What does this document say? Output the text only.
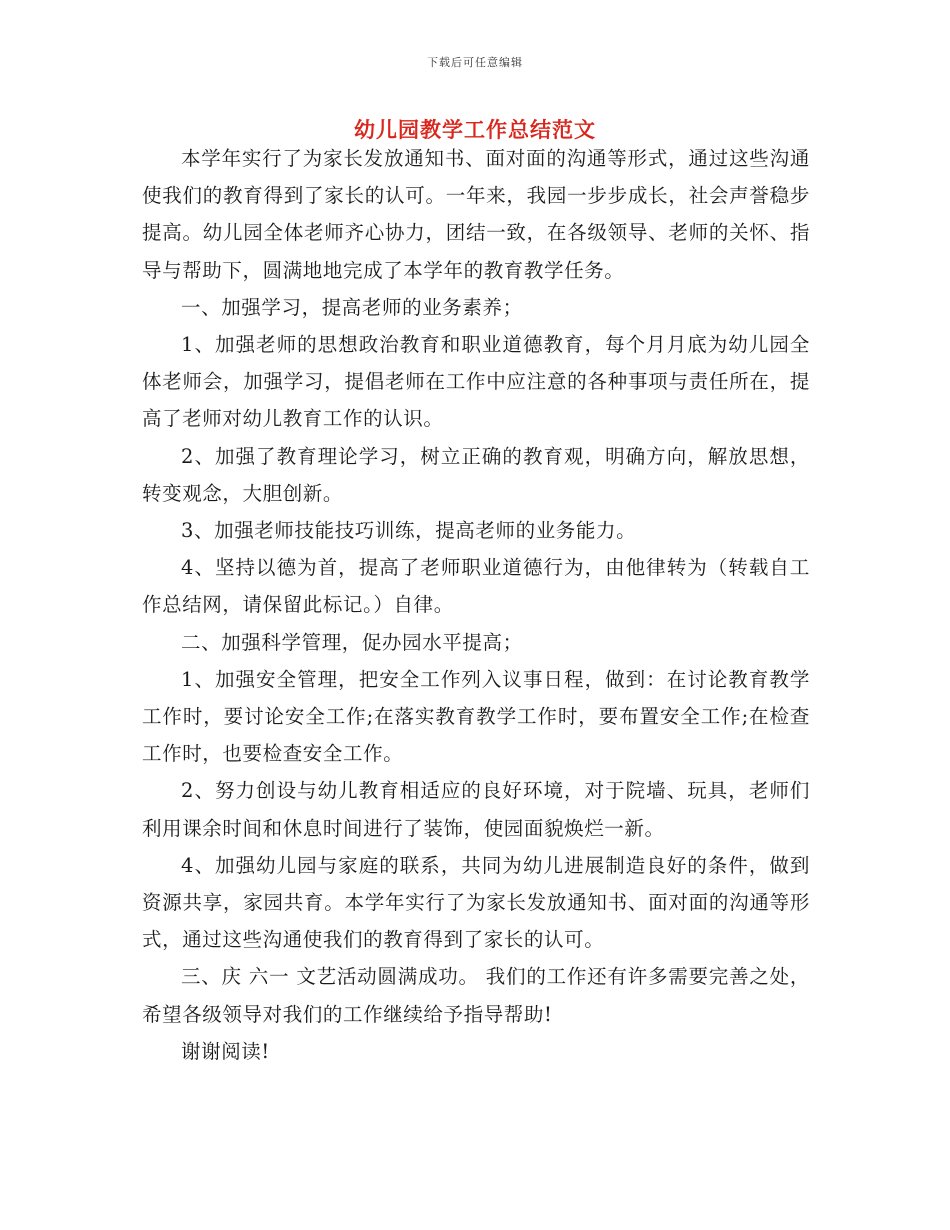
下载后可任意编辑
幼儿园教学工作总结范文

本学年实行了为家长发放通知书、面对面的沟通等形式，通过这些沟通使我们的教育得到了家长的认可。一年来，我园一步步成长，社会声誉稳步提高。幼儿园全体老师齐心协力，团结一致，在各级领导、老师的关怀、指导与帮助下，圆满地地完成了本学年的教育教学任务。

一、加强学习，提高老师的业务素养；

1、加强老师的思想政治教育和职业道德教育，每个月月底为幼儿园全体老师会，加强学习，提倡老师在工作中应注意的各种事项与责任所在，提高了老师对幼儿教育工作的认识。

2、加强了教育理论学习，树立正确的教育观，明确方向，解放思想，转变观念，大胆创新。

3、加强老师技能技巧训练，提高老师的业务能力。

4、坚持以德为首，提高了老师职业道德行为，由他律转为（转载自工作总结网，请保留此标记。）自律。

二、加强科学管理，促办园水平提高；

1、加强安全管理，把安全工作列入议事日程，做到：在讨论教育教学工作时，要讨论安全工作;在落实教育教学工作时，要布置安全工作;在检查工作时，也要检查安全工作。

2、努力创设与幼儿教育相适应的良好环境，对于院墙、玩具，老师们利用课余时间和休息时间进行了装饰，使园面貌焕烂一新。

4、加强幼儿园与家庭的联系，共同为幼儿进展制造良好的条件，做到资源共享，家园共育。本学年实行了为家长发放通知书、面对面的沟通等形式，通过这些沟通使我们的教育得到了家长的认可。

三、庆 六一 文艺活动圆满成功。 我们的工作还有许多需要完善之处，希望各级领导对我们的工作继续给予指导帮助!

谢谢阅读!
